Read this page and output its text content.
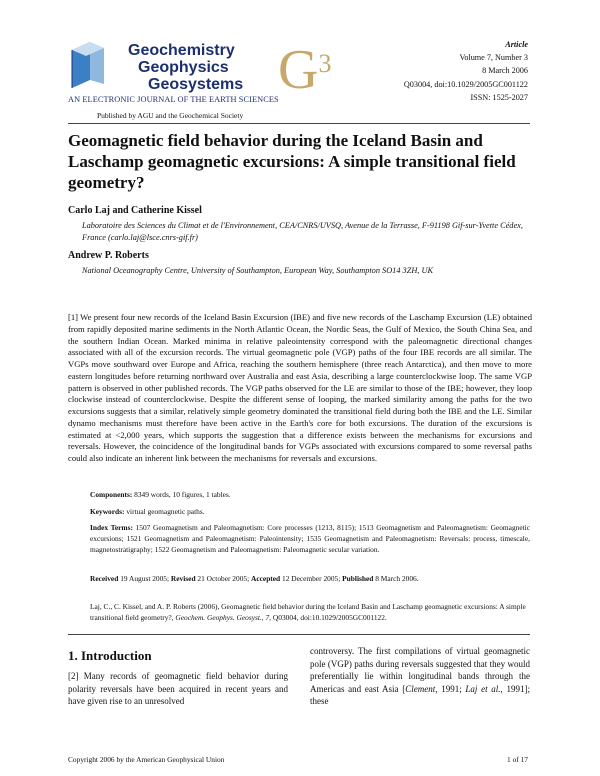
Geochemistry
Geophysics
Geosystems $G^3$
AN ELECTRONIC JOURNAL OF THE EARTH SCIENCES
Published by AGU and the Geochemical Society
Article
Volume 7, Number 3
8 March 2006
Q03004, doi:10.1029/2005GC001122
ISSN: 1525-2027
Geomagnetic field behavior during the Iceland Basin and Laschamp geomagnetic excursions: A simple transitional field geometry?
Carlo Laj and Catherine Kissel
Laboratoire des Sciences du Climat et de l'Environnement, CEA/CNRS/UVSQ, Avenue de la Terrasse, F-91198 Gif-sur-Yvette Cédex, France (carlo.laj@lsce.cnrs-gif.fr)
Andrew P. Roberts
National Oceanography Centre, University of Southampton, European Way, Southampton SO14 3ZH, UK
[1] We present four new records of the Iceland Basin Excursion (IBE) and five new records of the Laschamp Excursion (LE) obtained from rapidly deposited marine sediments in the North Atlantic Ocean, the Nordic Seas, the Gulf of Mexico, the South China Sea, and the southern Indian Ocean. Marked minima in relative paleointensity correspond with the paleomagnetic directional changes associated with all of the excursion records. The virtual geomagnetic pole (VGP) paths of the four IBE records are all similar. The VGPs move southward over Europe and Africa, reaching the southern hemisphere (three reach Antarctica), and then move to more eastern longitudes before returning northward over Australia and east Asia, describing a large counterclockwise loop. The same VGP pattern is observed in other published records. The VGP paths observed for the LE are similar to those of the IBE; however, they loop clockwise instead of counterclockwise. Despite the different sense of looping, the marked similarity among the paths for the two excursions suggests that a similar, relatively simple geometry dominated the transitional field during both the IBE and the LE. Similar dynamo mechanisms must therefore have been active in the Earth's core for both excursions. The duration of the excursions is estimated at <2,000 years, which supports the suggestion that a difference exists between the mechanisms for excursions and reversals. However, the coincidence of the longitudinal bands for VGPs associated with excursions compared to some reversal paths could also indicate an inherent link between the mechanisms for reversals and excursions.
Components: 8349 words, 10 figures, 1 tables.
Keywords: virtual geomagnetic paths.
Index Terms: 1507 Geomagnetism and Paleomagnetism: Core processes (1213, 8115); 1513 Geomagnetism and Paleomagnetism: Geomagnetic excursions; 1521 Geomagnetism and Paleomagnetism: Paleointensity; 1535 Geomagnetism and Paleomagnetism: Reversals: process, timescale, magnetostratigraphy; 1522 Geomagnetism and Paleomagnetism: Paleomagnetic secular variation.
Received 19 August 2005; Revised 21 October 2005; Accepted 12 December 2005; Published 8 March 2006.
Laj, C., C. Kissel, and A. P. Roberts (2006), Geomagnetic field behavior during the Iceland Basin and Laschamp geomagnetic excursions: A simple transitional field geometry?, Geochem. Geophys. Geosyst., 7, Q03004, doi:10.1029/2005GC001122.
1. Introduction
[2] Many records of geomagnetic field behavior during polarity reversals have been acquired in recent years and have given rise to an unresolved
controversy. The first compilations of virtual geomagnetic pole (VGP) paths during reversals suggested that they would preferentially lie within longitudinal bands through the Americas and east Asia [Clement, 1991; Laj et al., 1991]; these
Copyright 2006 by the American Geophysical Union	1 of 17
